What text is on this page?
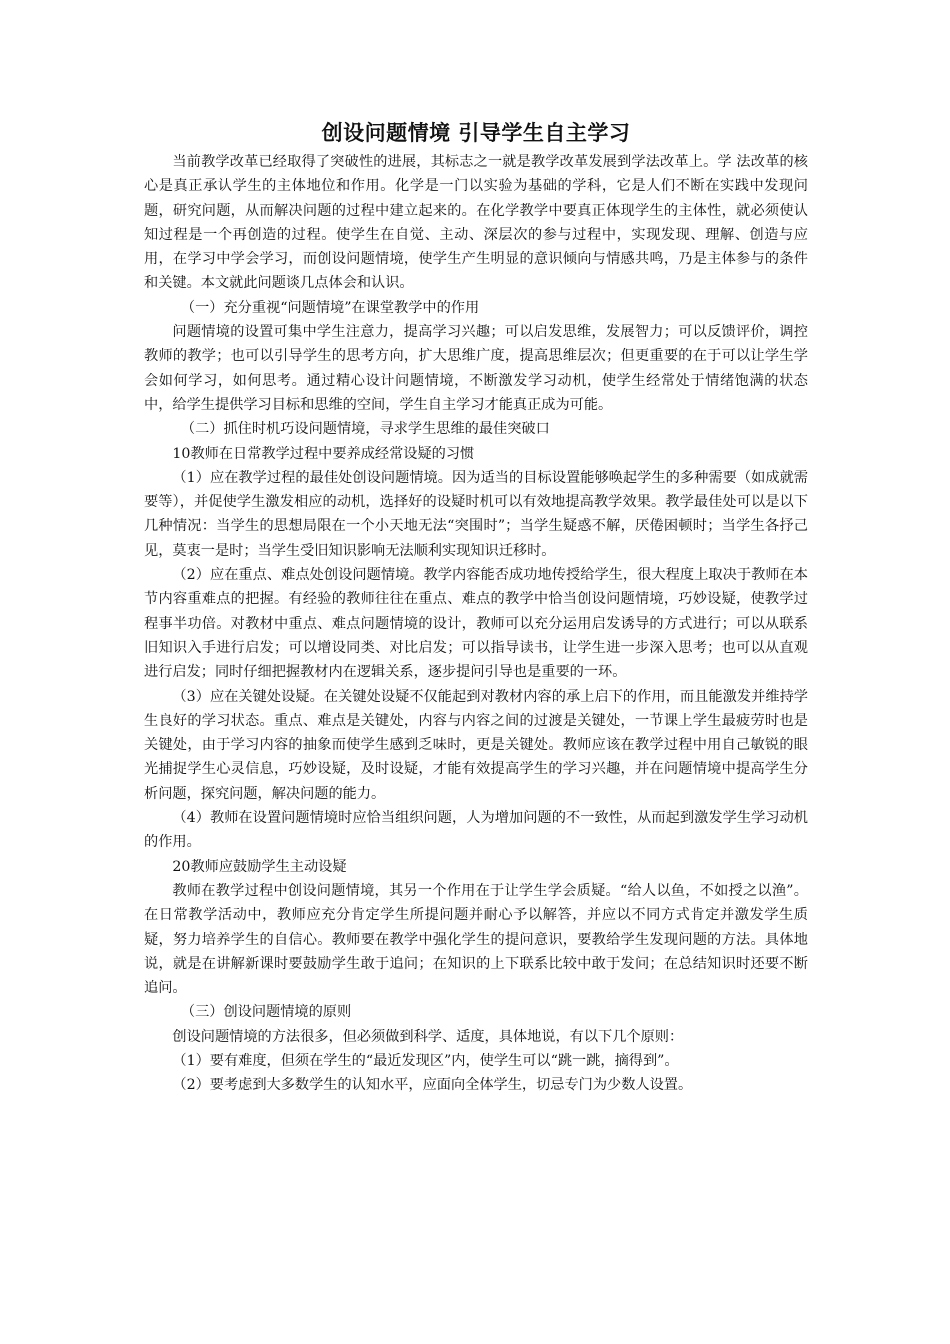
创设问题情境 引导学生自主学习

当前教学改革已经取得了突破性的进展，其标志之一就是教学改革发展到学法改革上。学 法改革的核心是真正承认学生的主体地位和作用。化学是一门以实验为基础的学科，它是人们不断在实践中发现问题，研究问题，从而解决问题的过程中建立起来的。在化学教学中要真正体现学生的主体性，就必须使认知过程是一个再创造的过程。使学生在自觉、主动、深层次的参与过程中，实现发现、理解、创造与应用，在学习中学会学习，而创设问题情境，使学生产生明显的意识倾向与情感共鸣，乃是主体参与的条件和关键。本文就此问题谈几点体会和认识。

（一）充分重视“问题情境”在课堂教学中的作用

问题情境的设置可集中学生注意力，提高学习兴趣；可以启发思维，发展智力；可以反馈评价，调控教师的教学；也可以引导学生的思考方向，扩大思维广度，提高思维层次；但更重要的在于可以让学生学会如何学习，如何思考。通过精心设计问题情境，不断激发学习动机，使学生经常处于情绪饱满的状态中，给学生提供学习目标和思维的空间，学生自主学习才能真正成为可能。

（二）抓住时机巧设问题情境，寻求学生思维的最佳突破口

10教师在日常教学过程中要养成经常设疑的习惯

（1）应在教学过程的最佳处创设问题情境。因为适当的目标设置能够唤起学生的多种需要（如成就需要等），并促使学生激发相应的动机，选择好的设疑时机可以有效地提高教学效果。教学最佳处可以是以下几种情况：当学生的思想局限在一个小天地无法“突围时”；当学生疑惑不解，厌倦困顿时；当学生各抒己见，莫衷一是时；当学生受旧知识影响无法顺利实现知识迁移时。

（2）应在重点、难点处创设问题情境。教学内容能否成功地传授给学生，很大程度上取决于教师在本节内容重难点的把握。有经验的教师往往在重点、难点的教学中恰当创设问题情境，巧妙设疑，使教学过程事半功倍。对教材中重点、难点问题情境的设计，教师可以充分运用启发诱导的方式进行；可以从联系旧知识入手进行启发；可以增设同类、对比启发；可以指导读书，让学生进一步深入思考；也可以从直观进行启发；同时仔细把握教材内在逻辑关系，逐步提问引导也是重要的一环。

（3）应在关键处设疑。在关键处设疑不仅能起到对教材内容的承上启下的作用，而且能激发并维持学生良好的学习状态。重点、难点是关键处，内容与内容之间的过渡是关键处，一节课上学生最疲劳时也是关键处，由于学习内容的抽象而使学生感到乏味时，更是关键处。教师应该在教学过程中用自己敏锐的眼光捕捉学生心灵信息，巧妙设疑，及时设疑，才能有效提高学生的学习兴趣，并在问题情境中提高学生分析问题，探究问题，解决问题的能力。

（4）教师在设置问题情境时应恰当组织问题，人为增加问题的不一致性，从而起到激发学生学习动机的作用。

20教师应鼓励学生主动设疑

教师在教学过程中创设问题情境，其另一个作用在于让学生学会质疑。“给人以鱼，不如授之以渔”。在日常教学活动中，教师应充分肯定学生所提问题并耐心予以解答，并应以不同方式肯定并激发学生质疑，努力培养学生的自信心。教师要在教学中强化学生的提问意识，要教给学生发现问题的方法。具体地说，就是在讲解新课时要鼓励学生敢于追问；在知识的上下联系比较中敢于发问；在总结知识时还要不断追问。

（三）创设问题情境的原则

创设问题情境的方法很多，但必须做到科学、适度，具体地说，有以下几个原则：

（1）要有难度，但须在学生的“最近发现区”内，使学生可以“跳一跳，摘得到”。

（2）要考虑到大多数学生的认知水平，应面向全体学生，切忌专门为少数人设置。
